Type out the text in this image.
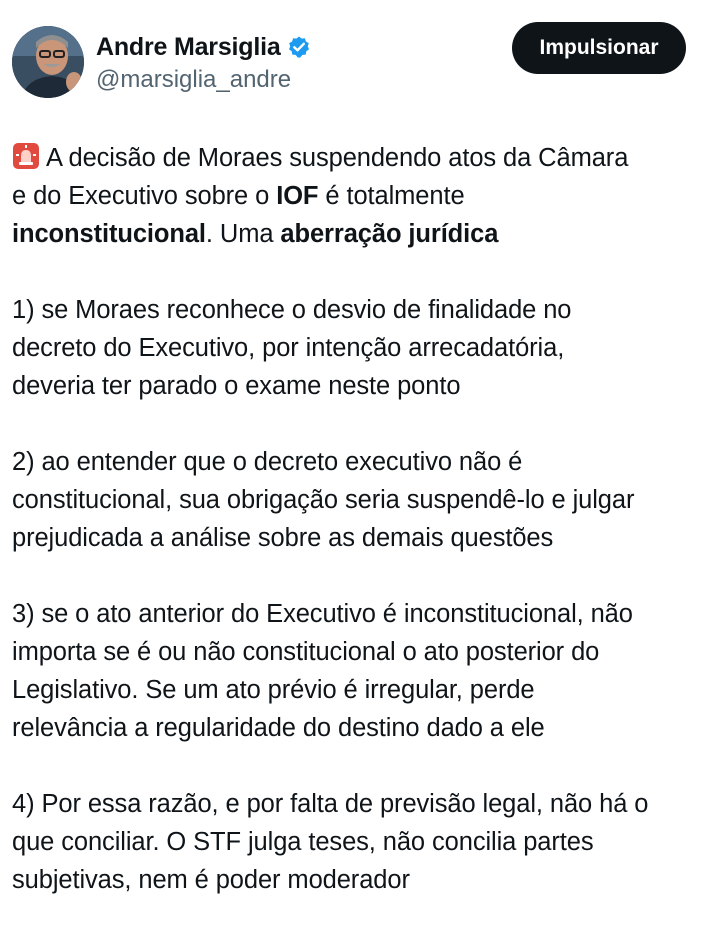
Andre Marsiglia
@marsiglia_andre
Impulsionar
A decisão de Moraes suspendendo atos da Câmara
e do Executivo sobre o IOF é totalmente
inconstitucional. Uma aberração jurídica
1) se Moraes reconhece o desvio de finalidade no
decreto do Executivo, por intenção arrecadatória,
deveria ter parado o exame neste ponto
2) ao entender que o decreto executivo não é
constitucional, sua obrigação seria suspendê-lo e julgar
prejudicada a análise sobre as demais questões
3) se o ato anterior do Executivo é inconstitucional, não
importa se é ou não constitucional o ato posterior do
Legislativo. Se um ato prévio é irregular, perde
relevância a regularidade do destino dado a ele
4) Por essa razão, e por falta de previsão legal, não há o
que conciliar. O STF julga teses, não concilia partes
subjetivas, nem é poder moderador
